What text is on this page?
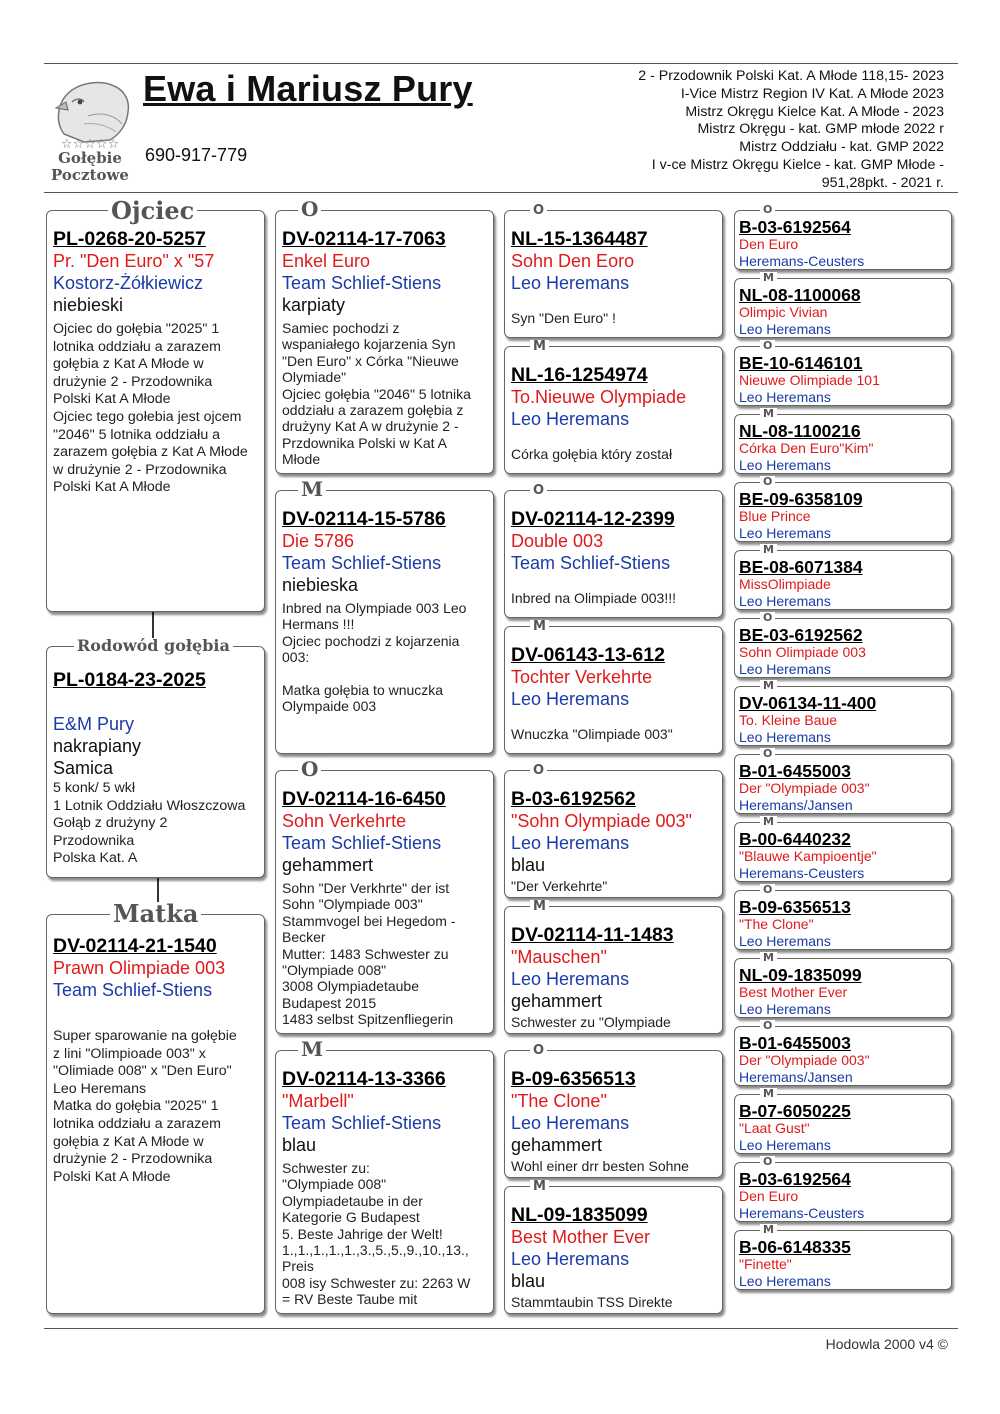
☆☆☆☆☆
Gołębie
Pocztowe
Ewa i Mariusz Pury
690-917-779
2 - Przodownik Polski Kat. A Młode 118,15- 2023
I-Vice Mistrz Region IV Kat. A Młode 2023
Mistrz Okręgu Kielce Kat. A Młode - 2023
Mistrz Okręgu - kat. GMP młode 2022 r
Mistrz Oddziału - kat. GMP 2022
I v-ce Mistrz Okręgu Kielce - kat. GMP Młode -
951,28pkt. - 2021 r.
PL-0268-20-5257
Pr. "Den Euro" x "57
Kostorz-Żółkiewicz
niebieski
Ojciec do gołębia "2025" 1
lotnika oddziału a zarazem
gołębia z Kat A Młode w
drużynie 2 - Przodownika
Polski Kat A Młode
Ojciec tego gołebia jest ojcem
"2046" 5 lotnika oddziału a
zarazem gołębia z Kat A Młode
w drużynie 2 - Przodownika
Polski Kat A Młode
Ojciec
PL-0184-23-2025
E&M Pury
nakrapiany
Samica
5 konk/ 5 wkł
1 Lotnik Oddziału Włoszczowa
Gołąb z drużyny 2
Przodownika
Polska Kat. A
Rodowód gołębia
DV-02114-21-1540
Prawn Olimpiade 003
Team Schlief-Stiens
Super sparowanie na gołębie
z lini "Olimpioade 003" x
"Olimiade 008" x "Den Euro"
Leo Heremans
Matka do gołębia "2025" 1
lotnika oddziału a zarazem
gołębia z Kat A Młode w
drużynie 2 - Przodownika
Polski Kat A Młode
Matka
DV-02114-17-7063
Enkel Euro
Team Schlief-Stiens
karpiaty
Samiec pochodzi z
wspaniałego kojarzenia Syn
"Den Euro" x Córka "Nieuwe
Olymiade"
Ojciec gołębia "2046" 5 lotnika
oddziału a zarazem gołębia z
drużyny Kat A w drużynie 2 -
Przdownika Polski w Kat A
Młode
O
DV-02114-15-5786
Die 5786
Team Schlief-Stiens
niebieska
Inbred na Olympiade 003 Leo
Hermans !!!
Ojciec pochodzi z kojarzenia
003:
Matka gołębia to wnuczka
Olympaide 003
M
DV-02114-16-6450
Sohn Verkehrte
Team Schlief-Stiens
gehammert
Sohn "Der Verkhrte" der ist
Sohn "Olympiade 003"
Stammvogel bei Hegedom -
Becker
Mutter: 1483 Schwester zu
"Olympiade 008"
3008 Olympiadetaube
Budapest 2015
1483 selbst Spitzenfliegerin
O
DV-02114-13-3366
"Marbell"
Team Schlief-Stiens
blau
Schwester zu:
"Olympiade 008"
Olympiadetaube in der
Kategorie G Budapest
5. Beste Jahrige der Welt!
1.,1.,1.,1.,1.,3.,5.,5.,9.,10.,13.,
Preis
008 isy Schwester zu: 2263 W
= RV Beste Taube mit
M
NL-15-1364487
Sohn Den Eoro
Leo Heremans
Syn "Den Euro" !
O
NL-16-1254974
To.Nieuwe Olympiade
Leo Heremans
Córka gołębia który został
M
DV-02114-12-2399
Double 003
Team Schlief-Stiens
Inbred na Olimpiade 003!!!
O
DV-06143-13-612
Tochter Verkehrte
Leo Heremans
Wnuczka "Olimpiade 003"
M
B-03-6192562
"Sohn Olympiade 003"
Leo Heremans
blau
"Der Verkehrte"
O
DV-02114-11-1483
"Mauschen"
Leo Heremans
gehammert
Schwester zu "Olympiade
M
B-09-6356513
"The Clone"
Leo Heremans
gehammert
Wohl einer drr besten Sohne
O
NL-09-1835099
Best Mother Ever
Leo Heremans
blau
Stammtaubin TSS Direkte
M
B-03-6192564
Den Euro
Heremans-Ceusters
O
NL-08-1100068
Olimpic Vivian
Leo Heremans
M
BE-10-6146101
Nieuwe Olimpiade 101
Leo Heremans
O
NL-08-1100216
Córka Den Euro"Kim"
Leo Heremans
M
BE-09-6358109
Blue Prince
Leo Heremans
O
BE-08-6071384
MissOlimpiade
Leo Heremans
M
BE-03-6192562
Sohn Olimpiade 003
Leo Heremans
O
DV-06134-11-400
To. Kleine Baue
Leo Heremans
M
B-01-6455003
Der "Olympiade 003"
Heremans/Jansen
O
B-00-6440232
"Blauwe Kampioentje"
Heremans-Ceusters
M
B-09-6356513
"The Clone"
Leo Heremans
O
NL-09-1835099
Best Mother Ever
Leo Heremans
M
B-01-6455003
Der "Olympiade 003"
Heremans/Jansen
O
B-07-6050225
"Laat Gust"
Leo Heremans
M
B-03-6192564
Den Euro
Heremans-Ceusters
O
B-06-6148335
"Finette"
Leo Heremans
M
Hodowla 2000 v4 ©
